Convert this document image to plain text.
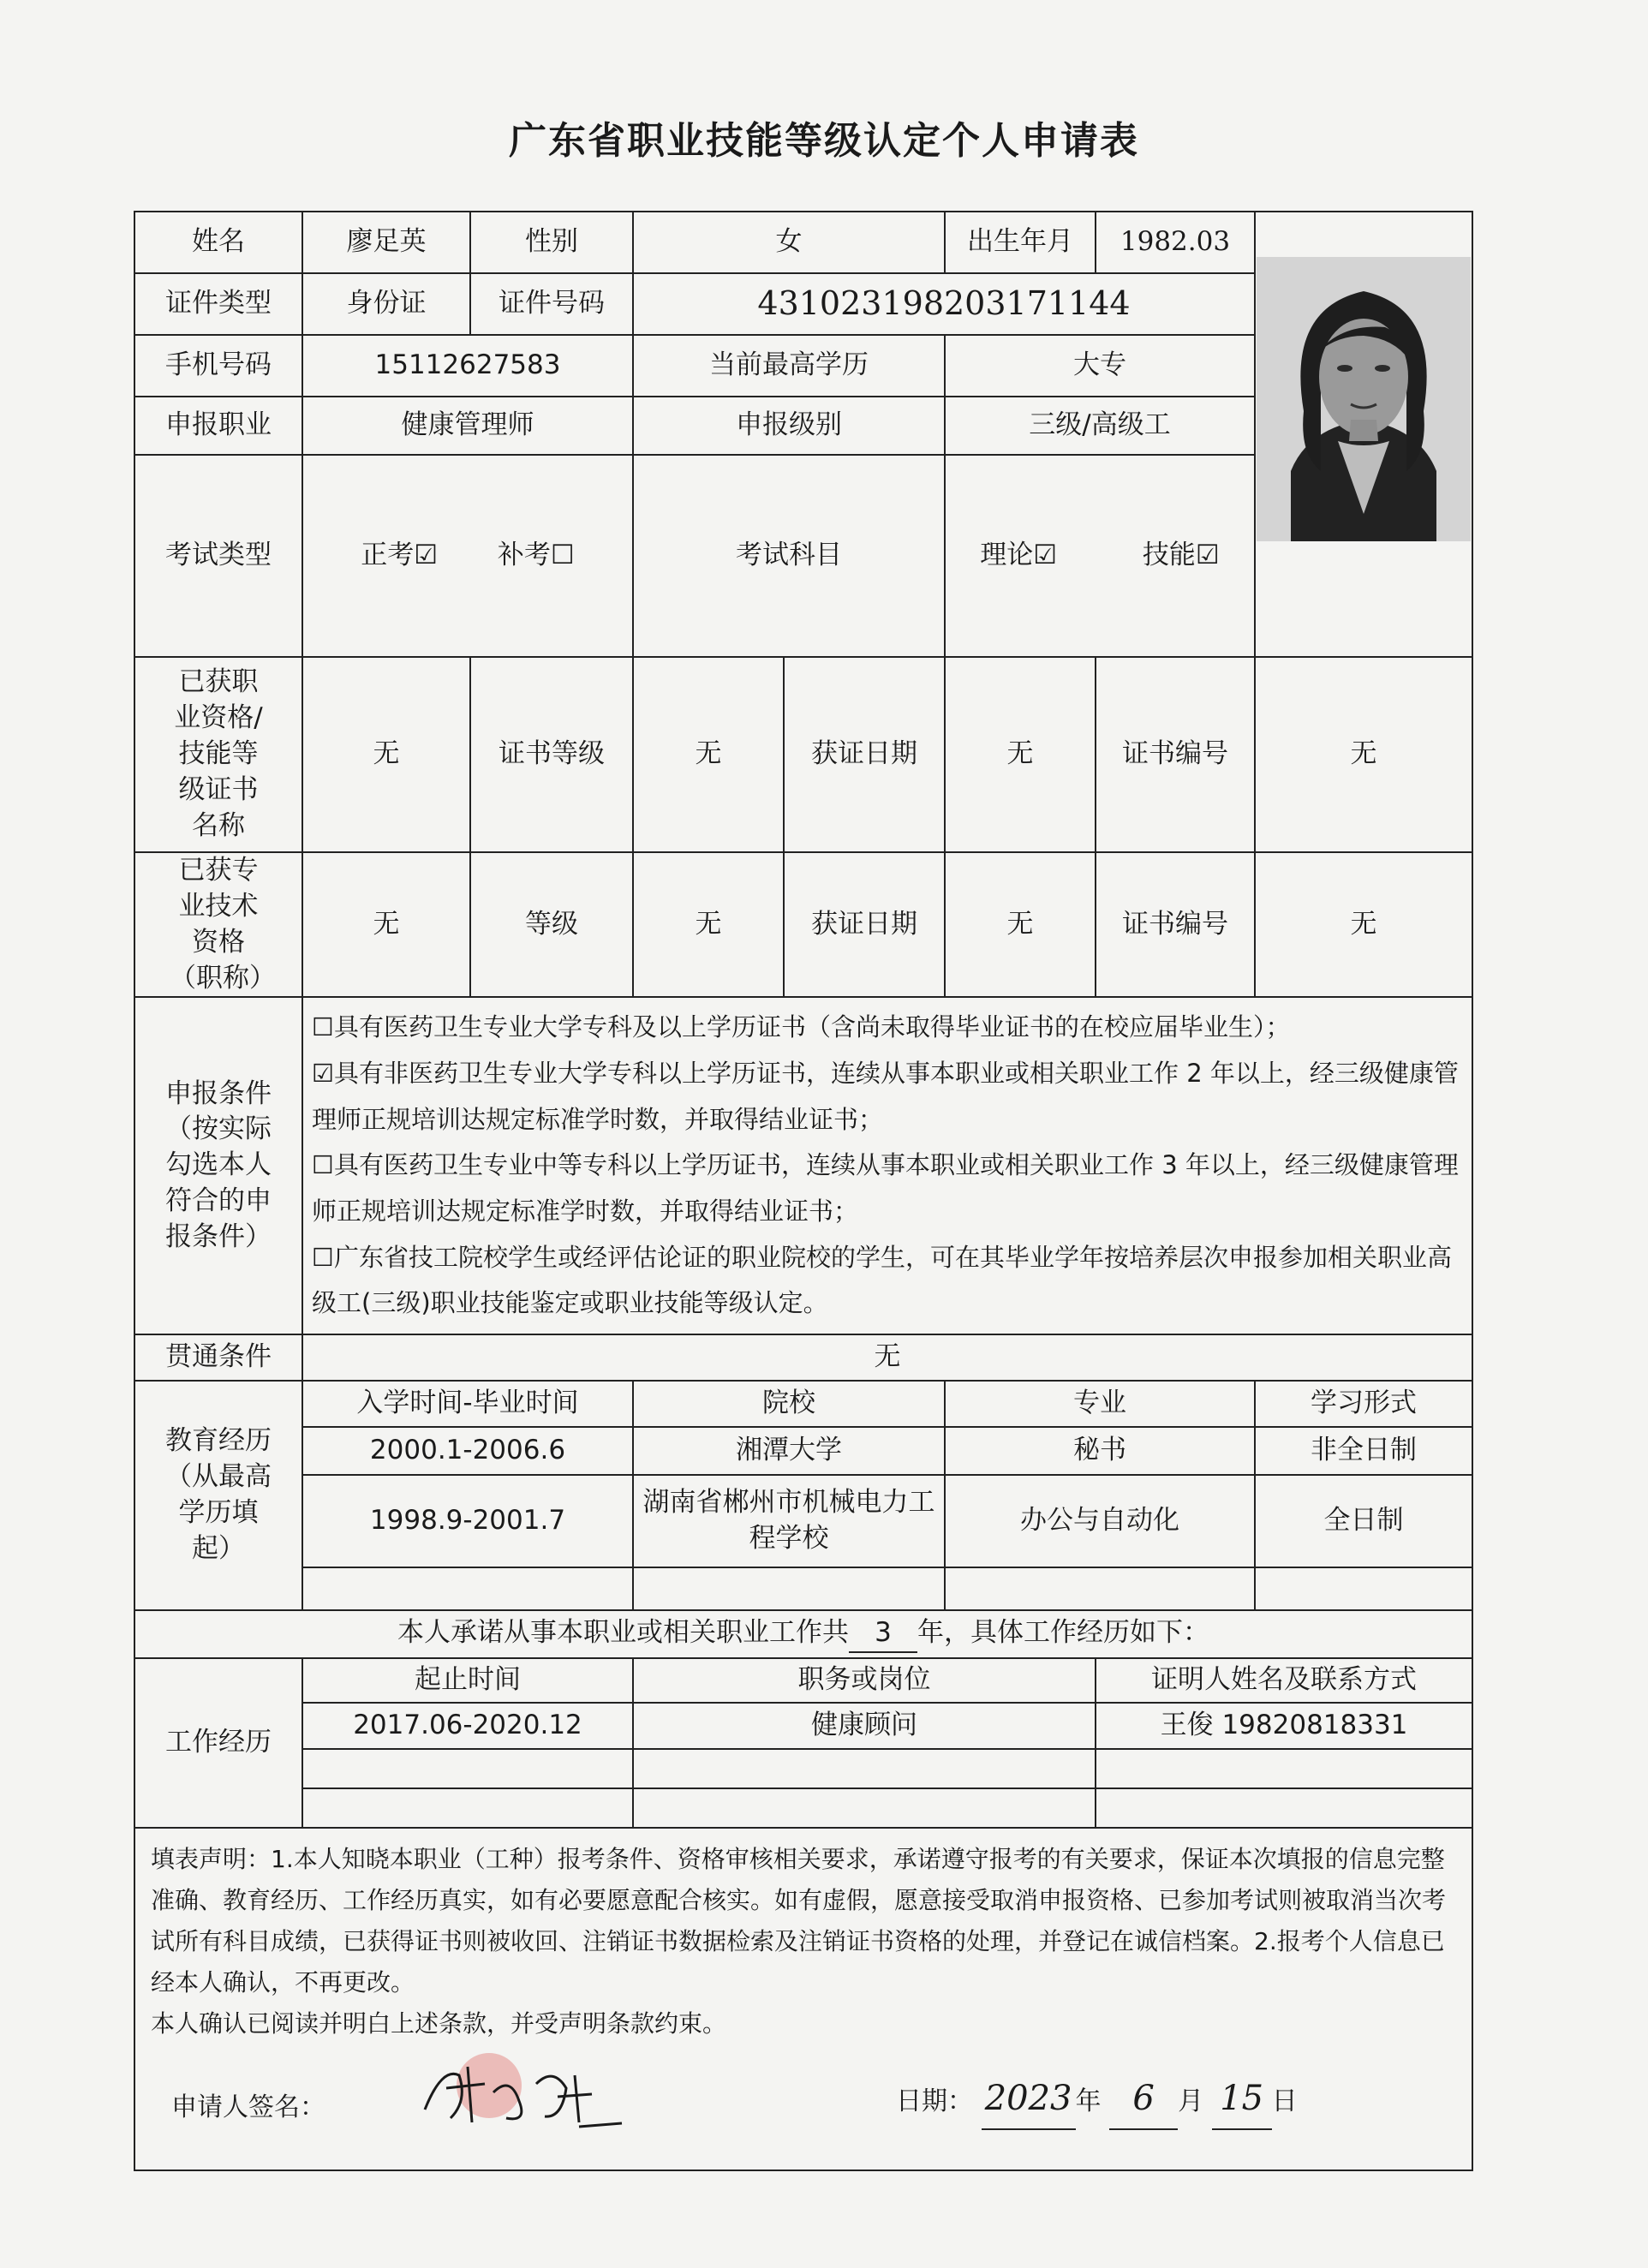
广东省职业技能等级认定个人申请表
姓名	廖足英	性别	女		出生年月	1982.03	

证件类型	身份证	证件号码	431023198203171144				
手机号码	15112627583		当前最高学历		大专		
申报职业	健康管理师		申报级别		三级/高级工		
考试类型	正考☑ 补考☐		考试科目		理论☑ 技能☑		
已获职业资格/技能等级证书名称	无	证书等级	无	获证日期	无	证书编号	无
已获专业技术资格（职称）	无	等级	无	获证日期	无	证书编号	无
申报条件（按实际勾选本人符合的申报条件）	☐具有医药卫生专业大学专科及以上学历证书（含尚未取得毕业证书的在校应届毕业生）；
☑具有非医药卫生专业大学专科以上学历证书，连续从事本职业或相关职业工作 2 年以上，经三级健康管理师正规培训达规定标准学时数，并取得结业证书；
☐具有医药卫生专业中等专科以上学历证书，连续从事本职业或相关职业工作 3 年以上，经三级健康管理师正规培训达规定标准学时数，并取得结业证书；
☐广东省技工院校学生或经评估论证的职业院校的学生，可在其毕业学年按培养层次申报参加相关职业高级工(三级)职业技能鉴定或职业技能等级认定。						

贯通条件	无						
教育经历（从最高学历填起）	入学时间-毕业时间		院校		专业		学习形式
	2000.1-2006.6		湘潭大学		秘书		非全日制
	1998.9-2001.7		湖南省郴州市机械电力工程学校		办公与自动化		全日制

本人承诺从事本职业或相关职业工作共 3 年，具体工作经历如下：							
工作经历	起止时间		职务或岗位			证明人姓名及联系方式	
	2017.06-2020.12		健康顾问			王俊 19820818331	

填表声明：1.本人知晓本职业（工种）报考条件、资格审核相关要求，承诺遵守报考的有关要求，保证本次填报的信息完整准确、教育经历、工作经历真实，如有必要愿意配合核实。如有虚假，愿意接受取消申报资格、已参加考试则被取消当次考试所有科目成绩，已获得证书则被收回、注销证书数据检索及注销证书资格的处理，并登记在诚信档案。2.报考个人信息已经本人确认，不再更改。
本人确认已阅读并明白上述条款，并受声明条款约束。
申请人签名： 日期： 2023 年 6 月 15 日							
